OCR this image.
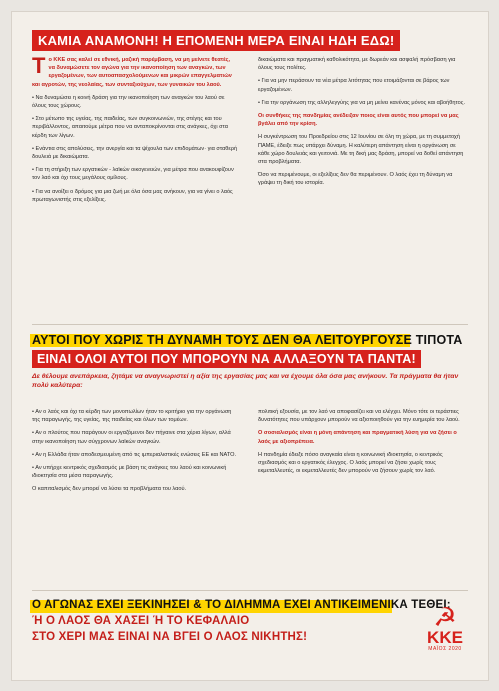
ΚΑΜΙΑ ΑΝΑΜΟΝΗ! Η ΕΠΟΜΕΝΗ ΜΕΡΑ ΕΙΝΑΙ ΗΔΗ ΕΔΩ!

Τ ο ΚΚΕ σας καλεί σε εθνική, μαζική παρέμβαση, να μη μείνετε θεατές, να δυναμώσετε τον αγώνα για την ικανοποίηση των αναγκών, των εργαζομένων, των αυτοαπασχολούμενων και μικρών επαγγελματιών και αγροτών, της νεολαίας, των συνταξιούχων, των γυναικών του λαού.

• Να δυναμώσει η κοινή δράση για την ικανοποίηση των αναγκών του λαού σε όλους τους χώρους.

• Στο μέτωπο της υγείας, της παιδείας, των συγκοινωνιών, της στέγης και του περιβάλλοντος, απαιτούμε μέτρα που να ανταποκρίνονται στις ανάγκες, όχι στα κέρδη των λίγων.

• Ενάντια στις απολύσεις, την ανεργία και τα ψίχουλα των επιδομάτων· για σταθερή δουλειά με δικαιώματα.

• Για τη στήριξη των εργατικών - λαϊκών οικογενειών, για μέτρα που ανακουφίζουν τον λαό και όχι τους μεγάλους ομίλους.

• Για να ανοίξει ο δρόμος για μια ζωή με όλα όσα μας ανήκουν, για να γίνει ο λαός πρωταγωνιστής στις εξελίξεις.

δικαιώματα και πραγματική καθολικότητα, με δωρεάν και ασφαλή πρόσβαση για όλους τους πολίτες.

• Για να μην περάσουν τα νέα μέτρα λιτότητας που ετοιμάζονται σε βάρος των εργαζομένων.

• Για την οργάνωση της αλληλεγγύης για να μη μείνει κανένας μόνος και αβοήθητος.

Οι συνθήκες της πανδημίας ανέδειξαν ποιος είναι αυτός που μπορεί να μας βγάλει από την κρίση.

Η συγκέντρωση του Προεδρείου στις 12 Ιουνίου σε όλη τη χώρα, με τη συμμετοχή ΠΑΜΕ, έδειξε πως υπάρχει δύναμη. Η καλύτερη απάντηση είναι η οργάνωση σε κάθε χώρο δουλειάς και γειτονιά. Με τη δική μας δράση, μπορεί να δοθεί απάντηση στα προβλήματα.

Όσο να περιμένουμε, οι εξελίξεις δεν θα περιμένουν. Ο λαός έχει τη δύναμη να γράψει τη δική του ιστορία.

ΑΥΤΟΙ ΠΟΥ ΧΩΡΙΣ ΤΗ ΔΥΝΑΜΗ ΤΟΥΣ ΔΕΝ ΘΑ ΛΕΙΤΟΥΡΓΟΥΣΕ ΤΙΠΟΤΑ
ΕΙΝΑΙ ΟΛΟΙ ΑΥΤΟΙ ΠΟΥ ΜΠΟΡΟΥΝ ΝΑ ΑΛΛΑΞΟΥΝ ΤΑ ΠΑΝΤΑ!
Δε θέλουμε ανεπάρκεια, ζητάμε να αναγνωριστεί η αξία της εργασίας μας και να έχουμε όλα όσα μας ανήκουν. Τα πράγματα θα ήταν πολύ καλύτερα:

• Αν ο λαός και όχι τα κέρδη των μονοπωλίων ήταν το κριτήριο για την οργάνωση της παραγωγής, της υγείας, της παιδείας και όλων των τομέων.

• Αν ο πλούτος που παράγουν οι εργαζόμενοι δεν πήγαινε στα χέρια λίγων, αλλά στην ικανοποίηση των σύγχρονων λαϊκών αναγκών.

• Αν η Ελλάδα ήταν αποδεσμευμένη από τις ιμπεριαλιστικές ενώσεις ΕΕ και ΝΑΤΟ.

• Αν υπήρχε κεντρικός σχεδιασμός με βάση τις ανάγκες του λαού και κοινωνική ιδιοκτησία στα μέσα παραγωγής.

Ο καπιταλισμός δεν μπορεί να λύσει τα προβλήματα του λαού.

πολιτική εξουσία, με τον λαό να αποφασίζει και να ελέγχει. Μόνο τότε οι τεράστιες δυνατότητες που υπάρχουν μπορούν να αξιοποιηθούν για την ευημερία του λαού.

Ο σοσιαλισμός είναι η μόνη απάντηση και πραγματική λύση για να ζήσει ο λαός με αξιοπρέπεια.

Η πανδημία έδειξε πόσο αναγκαία είναι η κοινωνική ιδιοκτησία, ο κεντρικός σχεδιασμός και ο εργατικός έλεγχος. Ο λαός μπορεί να ζήσει χωρίς τους εκμεταλλευτές, οι εκμεταλλευτές δεν μπορούν να ζήσουν χωρίς τον λαό.

Ο ΑΓΩΝΑΣ ΕΧΕΙ ΞΕΚΙΝΗΣΕΙ & ΤΟ ΔΙΛΗΜΜΑ ΕΧΕΙ ΑΝΤΙΚΕΙΜΕΝΙΚΑ ΤΕΘΕΙ:
Ή Ο ΛΑΟΣ ΘΑ ΧΑΣΕΙ Ή ΤΟ ΚΕΦΑΛΑΙΟ
ΣΤΟ ΧΕΡΙ ΜΑΣ ΕΙΝΑΙ ΝΑ ΒΓΕΙ Ο ΛΑΟΣ ΝΙΚΗΤΗΣ!
☭
ΚΚΕ
ΜΑΪΟΣ 2020
